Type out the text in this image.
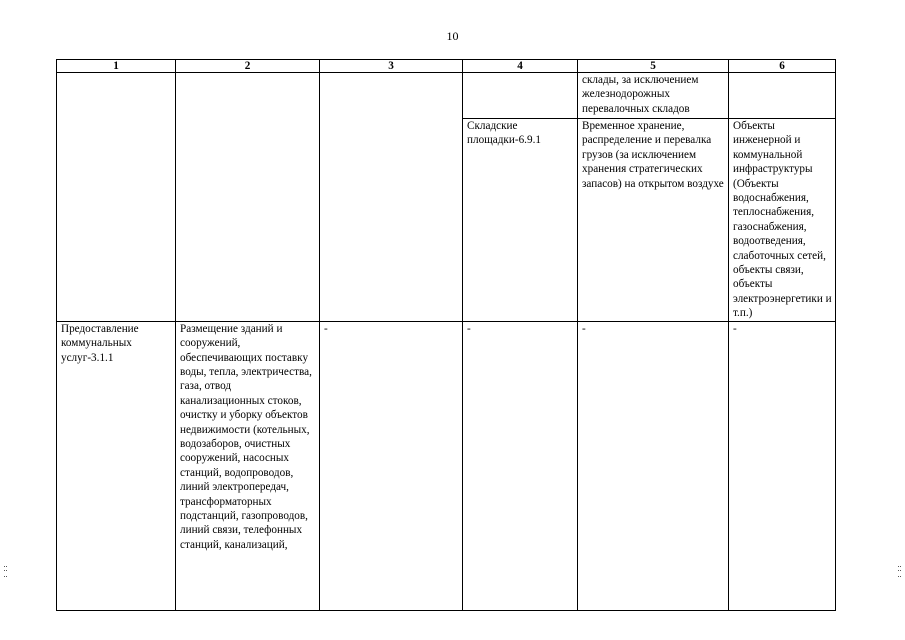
10
1	2	3	4	5	6
				склады, за исключением железнодорожных перевалочных складов	
			Складские площадки-6.9.1	Временное хранение, распределение и перевалка грузов (за исключением хранения стратегических запасов) на открытом воздухе	Объекты инженерной и коммунальной инфраструктуры (Объекты водоснабжения, теплоснабжения, газоснабжения, водоотведения, слаботочных сетей, объекты связи, объекты электроэнергетики и т.п.)
Предоставление коммунальных услуг-3.1.1	Размещение зданий и сооружений, обеспечивающих поставку воды, тепла, электричества, газа, отвод канализационных стоков, очистку и уборку объектов недвижимости (котельных, водозаборов, очистных сооружений, насосных станций, водопроводов, линий электропередач, трансформаторных подстанций, газопроводов, линий связи, телефонных станций, канализаций,	-	-	-	-
